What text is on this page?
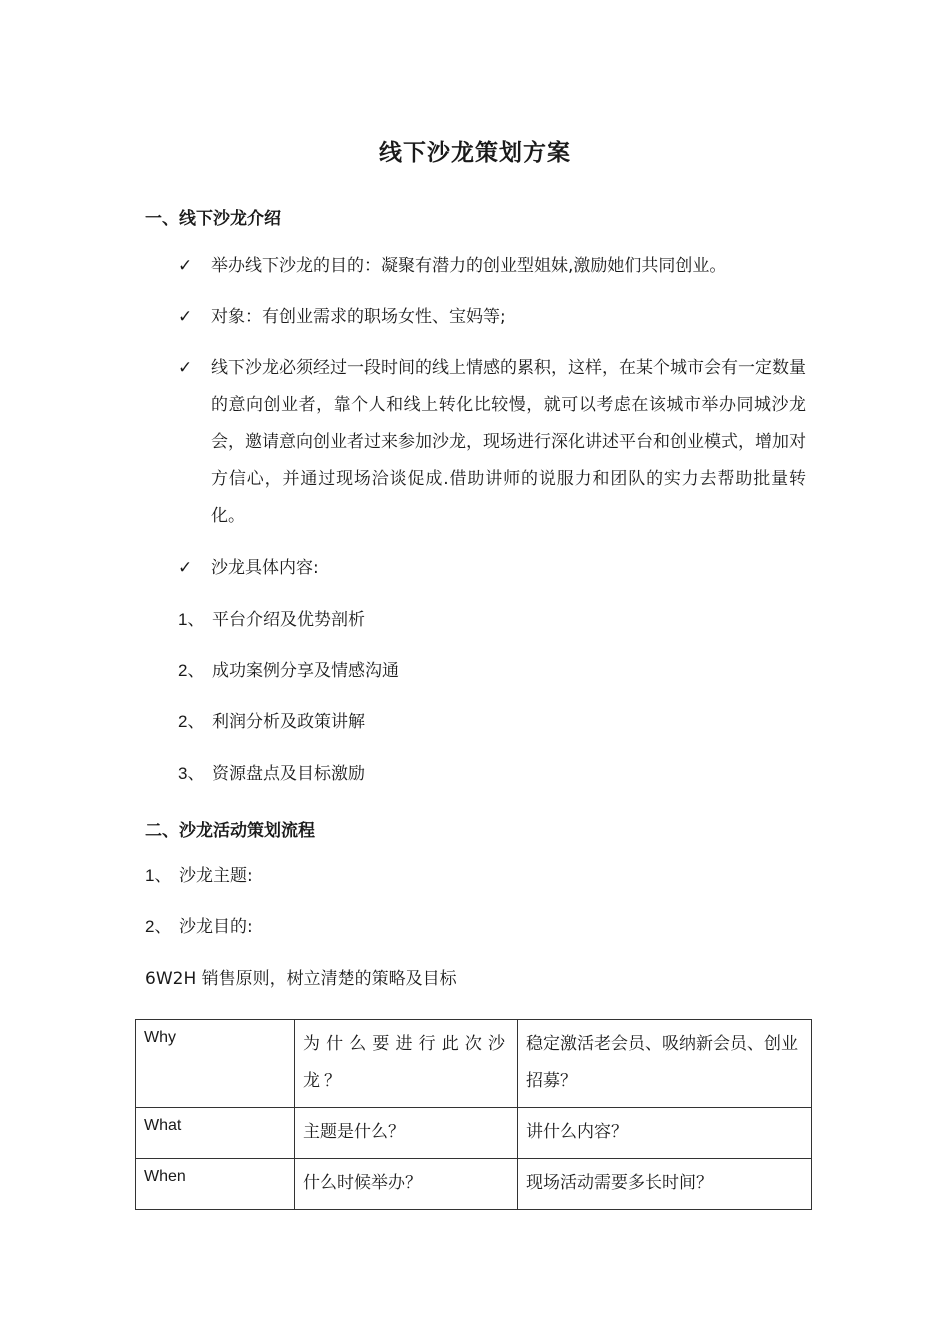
线下沙龙策划方案
一、线下沙龙介绍
✓	举办线下沙龙的目的：凝聚有潜力的创业型姐妹,激励她们共同创业。
✓	对象：有创业需求的职场女性、宝妈等;
✓	线下沙龙必须经过一段时间的线上情感的累积，这样，在某个城市会有一定数量的意向创业者，靠个人和线上转化比较慢，就可以考虑在该城市举办同城沙龙会，邀请意向创业者过来参加沙龙，现场进行深化讲述平台和创业模式，增加对方信心，并通过现场洽谈促成.借助讲师的说服力和团队的实力去帮助批量转化。
✓	沙龙具体内容:
1、 平台介绍及优势剖析
2、 成功案例分享及情感沟通
2、 利润分析及政策讲解
3、 资源盘点及目标激励
二、沙龙活动策划流程
1、 沙龙主题:
2、 沙龙目的:
6W2H 销售原则，树立清楚的策略及目标
Why	为什么要进行此次沙龙？	稳定激活老会员、吸纳新会员、创业招募？
What	主题是什么？	讲什么内容？
When	什么时候举办？	现场活动需要多长时间？
